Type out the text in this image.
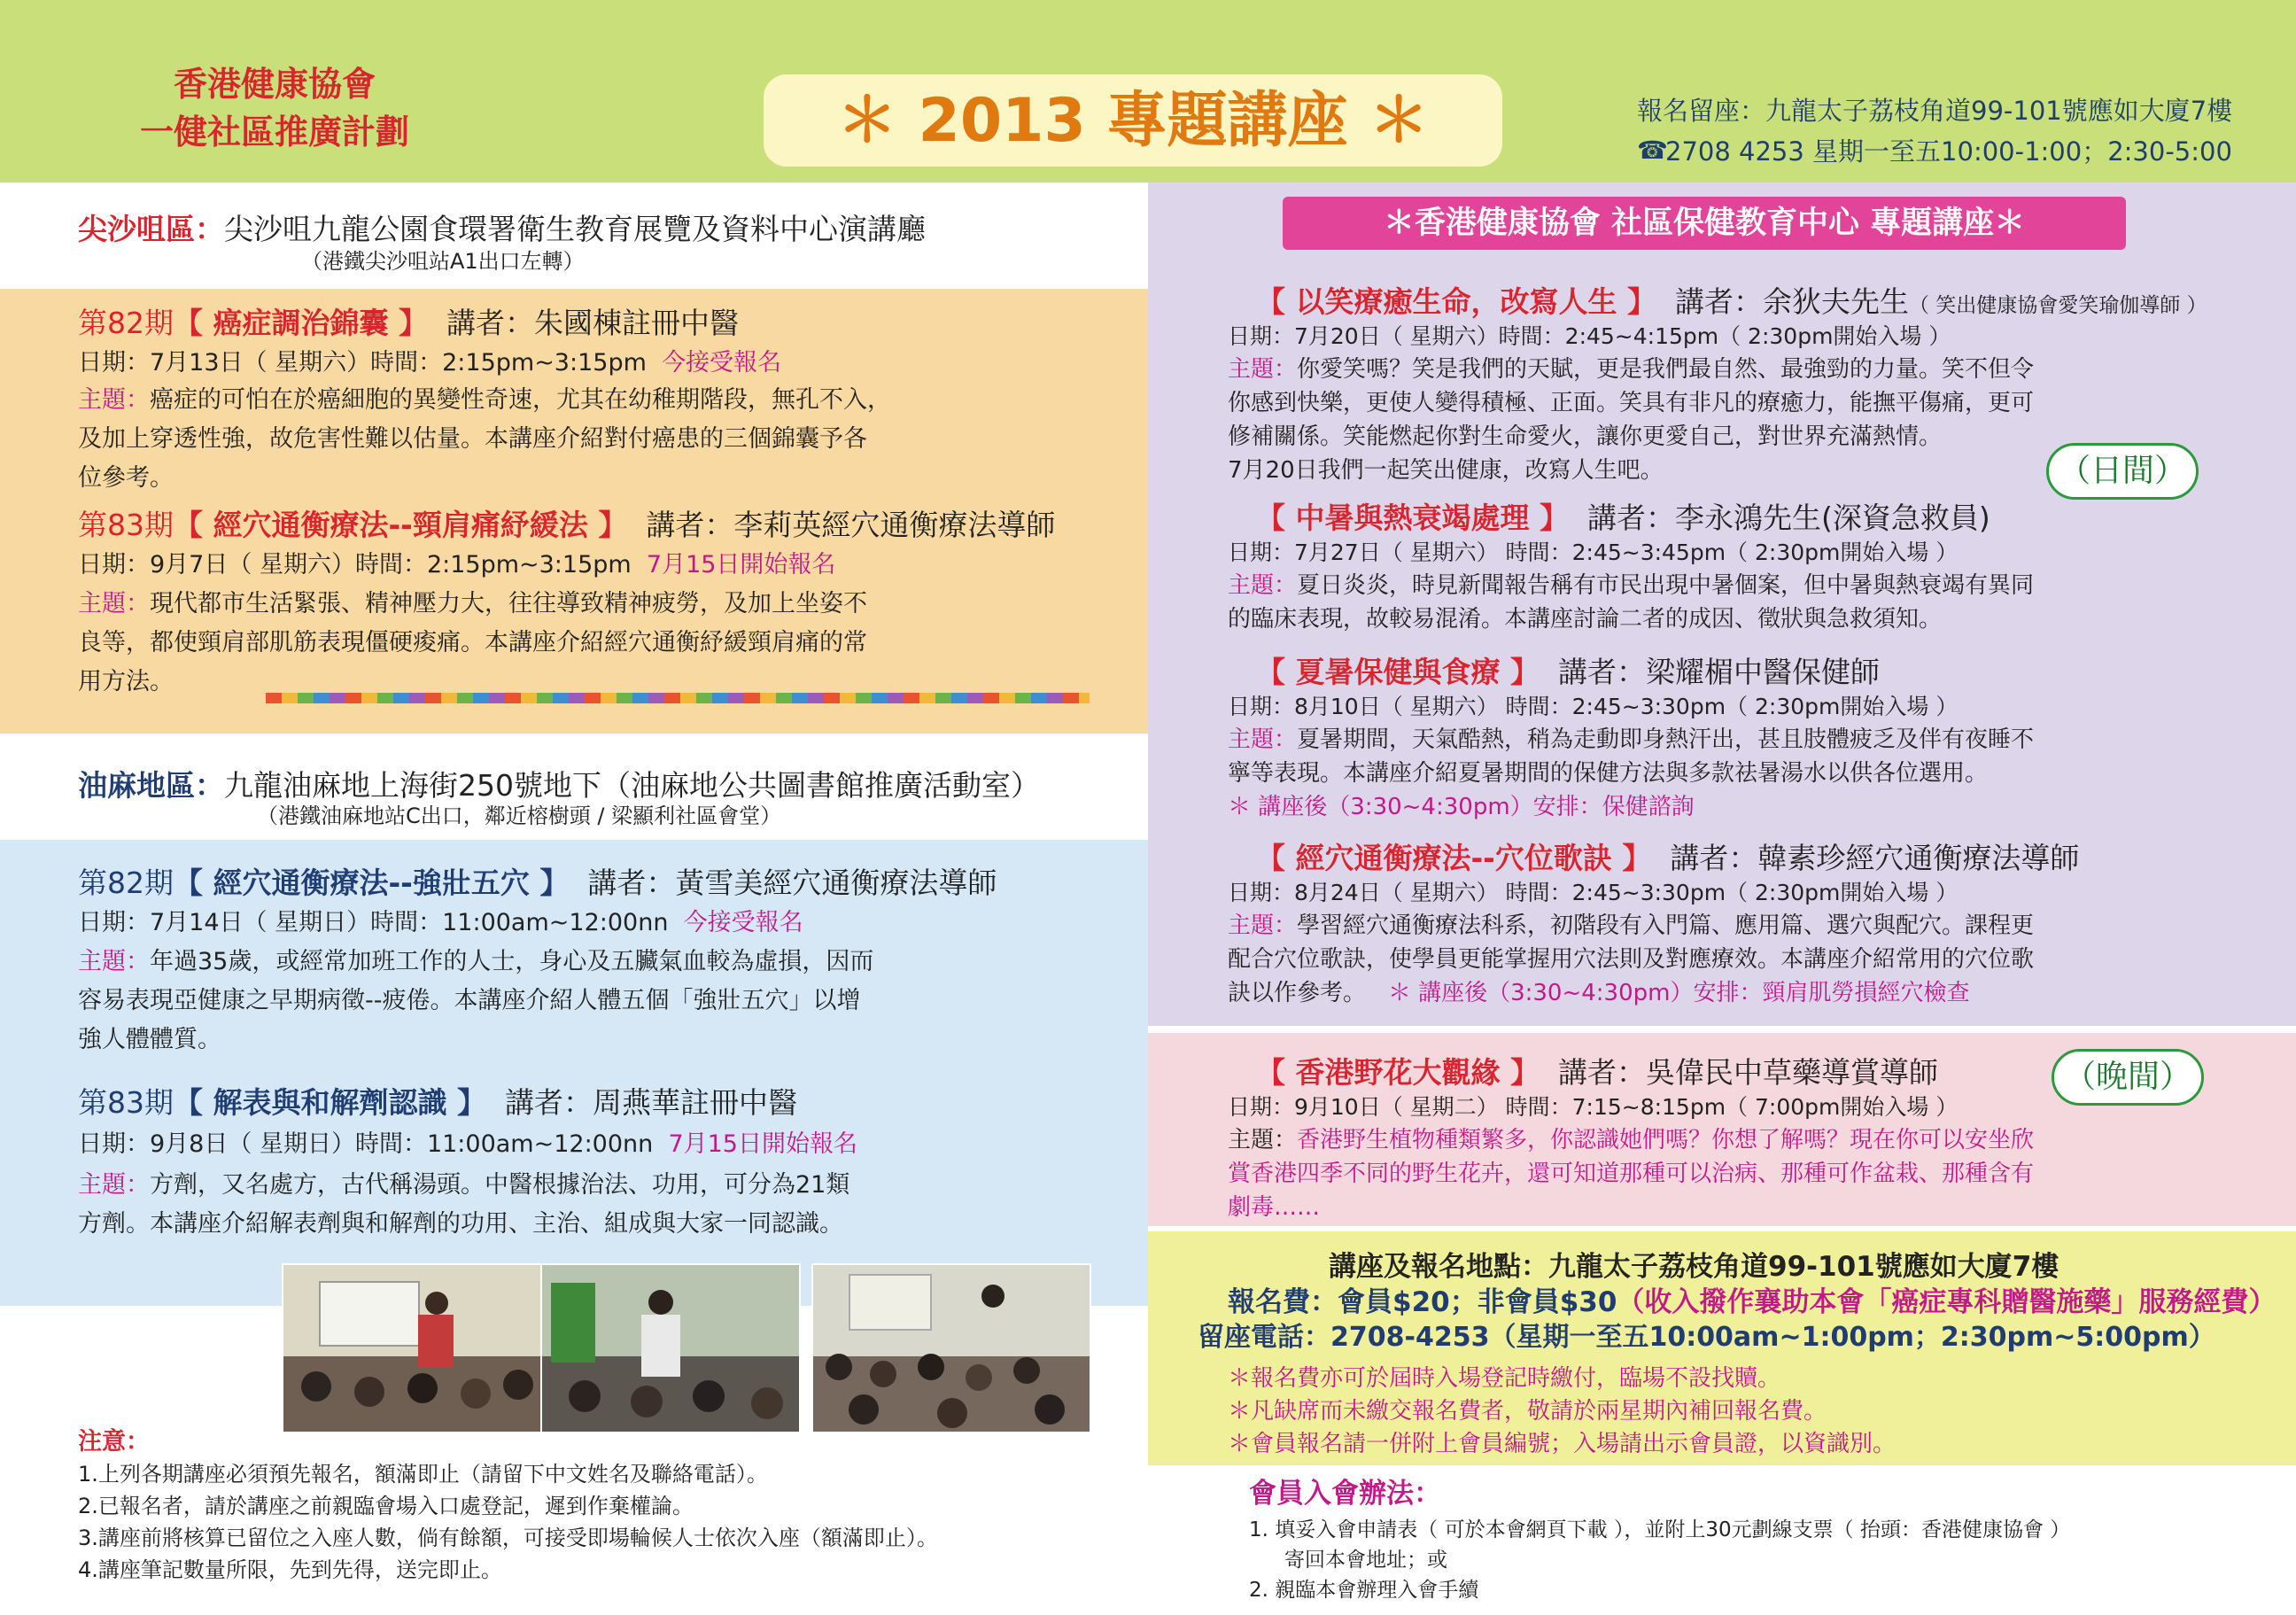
香港健康協會
一健社區推廣計劃	＊ 2013 專題講座 ＊	報名留座：九龍太子荔枝角道99-101號應如大廈7樓
☎
2708 4253 星期一至五10:00-1:00；2:30-5:00
尖沙咀區：尖沙咀九龍公園食環署衛生教育展覽及資料中心演講廳
（港鐵尖沙咀站A1出口左轉）
第82期【 癌症調治錦囊 】 講者：朱國棟註冊中醫
日期：7月13日（ 星期六）時間：2:15pm~3:15pm 今接受報名
主題：癌症的可怕在於癌細胞的異變性奇速，尤其在幼稚期階段，無孔不入，
及加上穿透性強，故危害性難以估量。本講座介紹對付癌患的三個錦囊予各
位參考。
第83期【 經穴通衡療法--頸肩痛紓緩法 】 講者：李莉英經穴通衡療法導師
日期：9月7日（ 星期六）時間：2:15pm~3:15pm 7月15日開始報名
主題：現代都市生活緊張、精神壓力大，往往導致精神疲勞，及加上坐姿不
良等，都使頸肩部肌筋表現僵硬痠痛。本講座介紹經穴通衡紓緩頸肩痛的常
用方法。
油麻地區：九龍油麻地上海街250號地下（油麻地公共圖書館推廣活動室）
（港鐵油麻地站C出口，鄰近榕樹頭 / 梁顯利社區會堂）
第82期【 經穴通衡療法--強壯五穴 】 講者：黃雪美經穴通衡療法導師
日期：7月14日（ 星期日）時間：11:00am~12:00nn 今接受報名
主題：年過35歲，或經常加班工作的人士，身心及五臟氣血較為虛損，因而
容易表現亞健康之早期病徵--疲倦。本講座介紹人體五個「強壯五穴」以增
強人體體質。
第83期【 解表與和解劑認識 】 講者：周燕華註冊中醫
日期：9月8日（ 星期日）時間：11:00am~12:00nn 7月15日開始報名
主題：方劑，又名處方，古代稱湯頭。中醫根據治法、功用，可分為21類
方劑。本講座介紹解表劑與和解劑的功用、主治、組成與大家一同認識。
注意：
1.上列各期講座必須預先報名，額滿即止（請留下中文姓名及聯絡電話）。
2.已報名者，請於講座之前親臨會場入口處登記，遲到作棄權論。
3.講座前將核算已留位之入座人數，倘有餘額，可接受即場輪候人士依次入座（額滿即止）。
4.講座筆記數量所限，先到先得，送完即止。
＊香港健康協會 社區保健教育中心 專題講座＊
【 以笑療癒生命，改寫人生 】 講者：余狄夫先生（ 笑出健康協會愛笑瑜伽導師 ）
日期：7月20日（ 星期六）時間：2:45~4:15pm（ 2:30pm開始入場 ）
主題：你愛笑嗎？笑是我們的天賦，更是我們最自然、最強勁的力量。笑不但令
你感到快樂，更使人變得積極、正面。笑具有非凡的療癒力，能撫平傷痛，更可
修補關係。笑能燃起你對生命愛火，讓你更愛自己，對世界充滿熱情。
7月20日我們一起笑出健康，改寫人生吧。	（日間）
【 中暑與熱衰竭處理 】 講者：李永鴻先生(深資急救員)
日期：7月27日（ 星期六） 時間：2:45~3:45pm（ 2:30pm開始入場 ）
主題：夏日炎炎，時見新聞報告稱有市民出現中暑個案，但中暑與熱衰竭有異同
的臨床表現，故較易混淆。本講座討論二者的成因、徵狀與急救須知。
【 夏暑保健與食療 】 講者：梁耀楣中醫保健師
日期：8月10日（ 星期六） 時間：2:45~3:30pm（ 2:30pm開始入場 ）
主題：夏暑期間，天氣酷熱，稍為走動即身熱汗出，甚且肢體疲乏及伴有夜睡不
寧等表現。本講座介紹夏暑期間的保健方法與多款祛暑湯水以供各位選用。
＊ 講座後（3:30~4:30pm）安排：保健諮詢
【 經穴通衡療法--穴位歌訣 】 講者：韓素珍經穴通衡療法導師
日期：8月24日（ 星期六） 時間：2:45~3:30pm（ 2:30pm開始入場 ）
主題：學習經穴通衡療法科系，初階段有入門篇、應用篇、選穴與配穴。課程更
配合穴位歌訣，使學員更能掌握用穴法則及對應療效。本講座介紹常用的穴位歌
訣以作參考。 ＊ 講座後（3:30~4:30pm）安排：頸肩肌勞損經穴檢查
【 香港野花大觀緣 】 講者：吳偉民中草藥導賞導師	（晚間）
日期：9月10日（ 星期二） 時間：7:15~8:15pm（ 7:00pm開始入場 ）
主題：香港野生植物種類繁多，你認識她們嗎？你想了解嗎？現在你可以安坐欣
賞香港四季不同的野生花卉，還可知道那種可以治病、那種可作盆栽、那種含有
劇毒……
講座及報名地點：九龍太子荔枝角道99-101號應如大廈7樓
報名費：會員$20；非會員$30（收入撥作襄助本會「癌症專科贈醫施藥」服務經費）
留座電話：2708-4253（星期一至五10:00am~1:00pm；2:30pm~5:00pm）
＊報名費亦可於屆時入場登記時繳付，臨場不設找贖。
＊凡缺席而未繳交報名費者，敬請於兩星期內補回報名費。
＊會員報名請一併附上會員編號；入場請出示會員證，以資識別。
會員入會辦法：
1. 填妥入會申請表（ 可於本會網頁下載 ），並附上30元劃線支票（ 抬頭：香港健康協會 ）
寄回本會地址；或
2. 親臨本會辦理入會手續
